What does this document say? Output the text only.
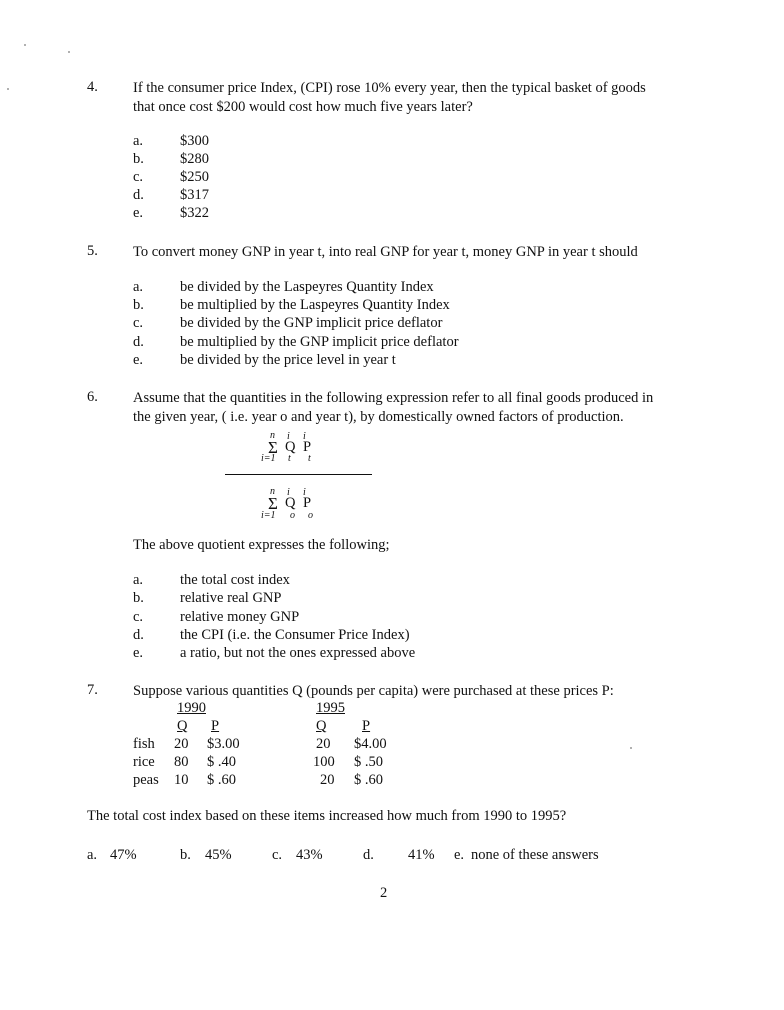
4. If the consumer price Index, (CPI) rose 10% every year, then the typical basket of goods
that once cost $200 would cost how much five years later?
a.	$300
b. $280
c.	$250
d. $317
e.	$322
5. To convert money GNP in year t, into real GNP for year t, money GNP in year t should
a.	be divided by the Laspeyres Quantity Index
b. be multiplied by the Laspeyres Quantity Index
c.	be divided by the GNP implicit price deflator
d. be multiplied by the GNP implicit price deflator
e.	be divided by the price level in year t
6. Assume that the quantities in the following expression refer to all final goods produced in
the given year, ( i.e. year o and year t), by domestically owned factors of production.
n i i
Σ Q P
i=1 t t
n i i
Σ Q P
i=1 o o
The above quotient expresses the following;
a.	the total cost index
b. relative real GNP
c.	relative money GNP
d. the CPI (i.e. the Consumer Price Index)
e.	a ratio, but not the ones expressed above
7. Suppose various quantities Q (pounds per capita) were purchased at these prices P:
1990	1995
Q P	Q P
fish 20 $3.00	20 $4.00
rice 80 $ .40	100 $ .50
peas 10 $ .60	20 $ .60
The total cost index based on these items increased how much from 1990 to 1995?
a. 47%	b. 45%	c. 43%	d. 41% e. none of these answers
2
